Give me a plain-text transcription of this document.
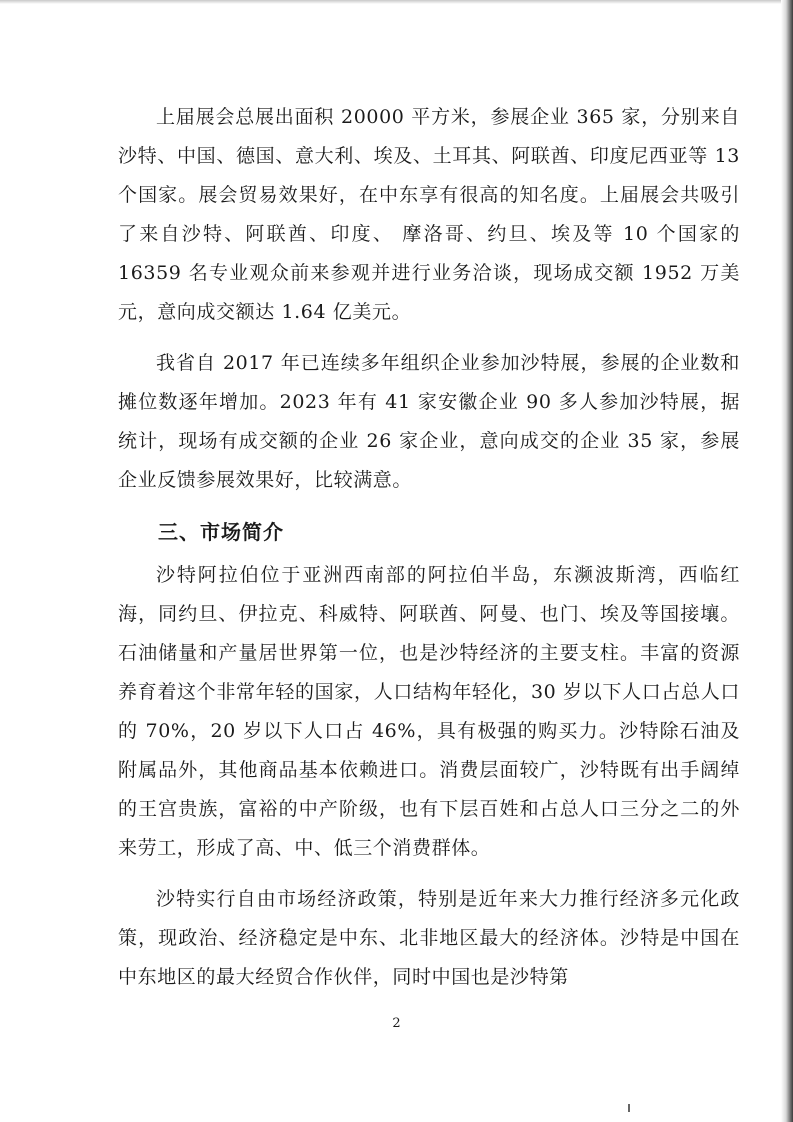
上届展会总展出面积 20000 平方米，参展企业 365 家，分别来自沙特、中国、德国、意大利、埃及、土耳其、阿联酋、印度尼西亚等 13 个国家。展会贸易效果好，在中东享有很高的知名度。上届展会共吸引了来自沙特、阿联酋、印度、 摩洛哥、约旦、埃及等 10 个国家的 16359 名专业观众前来参观并进行业务洽谈，现场成交额 1952 万美元，意向成交额达 1.64 亿美元。

我省自 2017 年已连续多年组织企业参加沙特展，参展的企业数和摊位数逐年增加。2023 年有 41 家安徽企业 90 多人参加沙特展，据统计，现场有成交额的企业 26 家企业，意向成交的企业 35 家，参展企业反馈参展效果好，比较满意。

三、市场简介

沙特阿拉伯位于亚洲西南部的阿拉伯半岛，东濒波斯湾，西临红海，同约旦、伊拉克、科威特、阿联酋、阿曼、也门、埃及等国接壤。石油储量和产量居世界第一位，也是沙特经济的主要支柱。丰富的资源养育着这个非常年轻的国家，人口结构年轻化，30 岁以下人口占总人口的 70%，20 岁以下人口占 46%，具有极强的购买力。沙特除石油及附属品外，其他商品基本依赖进口。消费层面较广，沙特既有出手阔绰的王宫贵族，富裕的中产阶级，也有下层百姓和占总人口三分之二的外来劳工，形成了高、中、低三个消费群体。

沙特实行自由市场经济政策，特别是近年来大力推行经济多元化政策，现政治、经济稳定是中东、北非地区最大的经济体。沙特是中国在中东地区的最大经贸合作伙伴，同时中国也是沙特第

2
